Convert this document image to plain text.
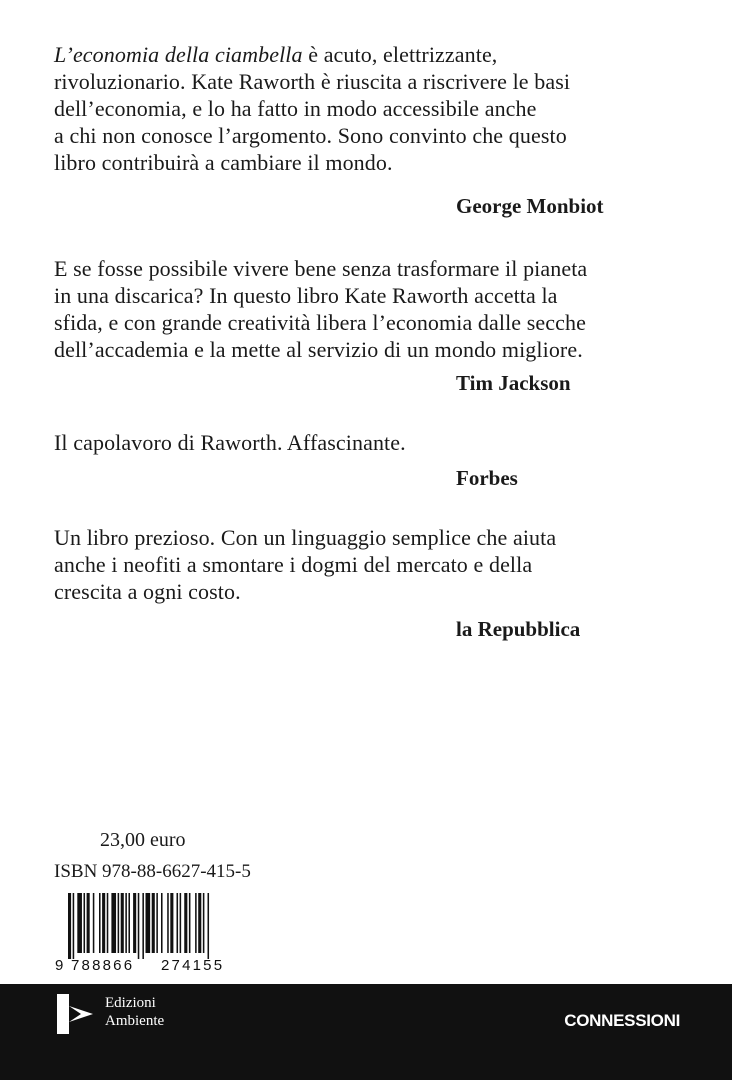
L’economia della ciambella è acuto, elettrizzante,
rivoluzionario. Kate Raworth è riuscita a riscrivere le basi
dell’economia, e lo ha fatto in modo accessibile anche
a chi non conosce l’argomento. Sono convinto che questo
libro contribuirà a cambiare il mondo.
George Monbiot
E se fosse possibile vivere bene senza trasformare il pianeta
in una discarica? In questo libro Kate Raworth accetta la
sfida, e con grande creatività libera l’economia dalle secche
dell’accademia e la mette al servizio di un mondo migliore.
Tim Jackson
Il capolavoro di Raworth. Affascinante.
Forbes
Un libro prezioso. Con un linguaggio semplice che aiuta
anche i neofiti a smontare i dogmi del mercato e della
crescita a ogni costo.
la Repubblica
23,00 euro
ISBN 978-88-6627-415-5
9 788866 274155
Edizioni
Ambiente	CONNESSIONI
